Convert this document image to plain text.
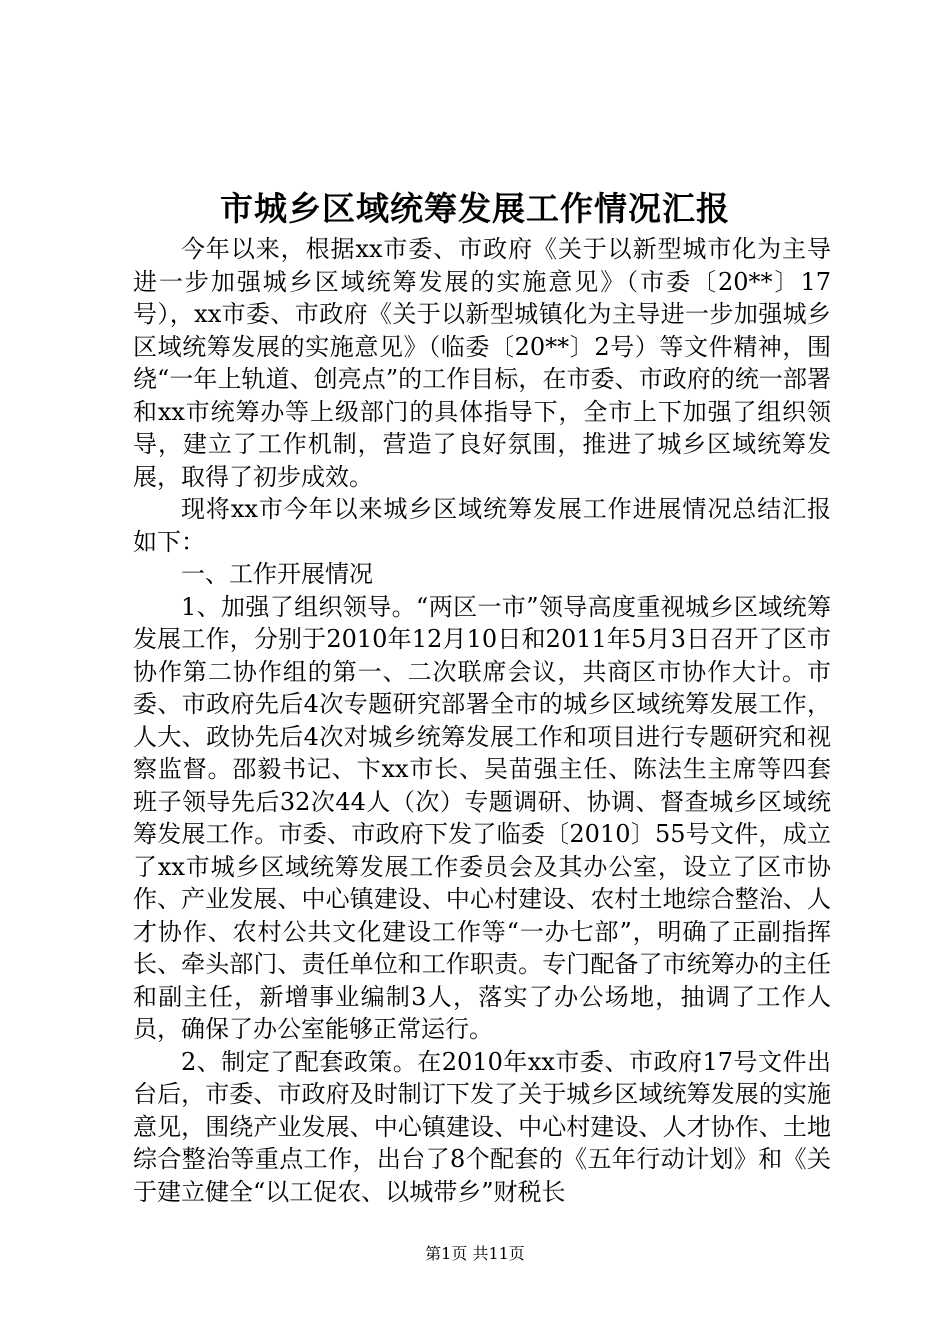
市城乡区域统筹发展工作情况汇报

今年以来，根据xx市委、市政府《关于以新型城市化为主导进一步加强城乡区域统筹发展的实施意见》（市委〔20**〕17号），xx市委、市政府《关于以新型城镇化为主导进一步加强城乡区域统筹发展的实施意见》（临委〔20**〕2号）等文件精神，围绕“一年上轨道、创亮点”的工作目标，在市委、市政府的统一部署和xx市统筹办等上级部门的具体指导下，全市上下加强了组织领导，建立了工作机制，营造了良好氛围，推进了城乡区域统筹发展，取得了初步成效。

现将xx市今年以来城乡区域统筹发展工作进展情况总结汇报如下：

一、工作开展情况

1、加强了组织领导。“两区一市”领导高度重视城乡区域统筹发展工作，分别于2010年12月10日和2011年5月3日召开了区市协作第二协作组的第一、二次联席会议，共商区市协作大计。市委、市政府先后4次专题研究部署全市的城乡区域统筹发展工作，人大、政协先后4次对城乡统筹发展工作和项目进行专题研究和视察监督。邵毅书记、卞xx市长、吴苗强主任、陈法生主席等四套班子领导先后32次44人（次）专题调研、协调、督查城乡区域统筹发展工作。市委、市政府下发了临委〔2010〕55号文件，成立了xx市城乡区域统筹发展工作委员会及其办公室，设立了区市协作、产业发展、中心镇建设、中心村建设、农村土地综合整治、人才协作、农村公共文化建设工作等“一办七部”，明确了正副指挥长、牵头部门、责任单位和工作职责。专门配备了市统筹办的主任和副主任，新增事业编制3人，落实了办公场地，抽调了工作人员，确保了办公室能够正常运行。

2、制定了配套政策。在2010年xx市委、市政府17号文件出台后，市委、市政府及时制订下发了关于城乡区域统筹发展的实施意见，围绕产业发展、中心镇建设、中心村建设、人才协作、土地综合整治等重点工作，出台了8个配套的《五年行动计划》和《关于建立健全“以工促农、以城带乡”财税长

第1页 共11页
